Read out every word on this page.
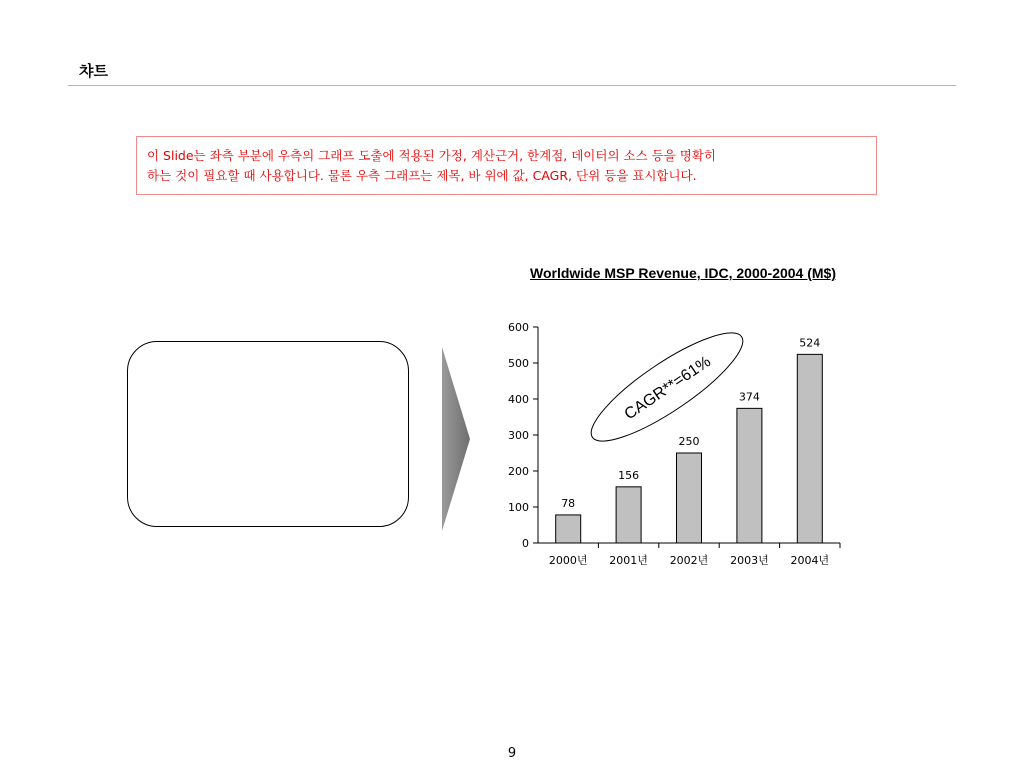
챠트
이 Slide는 좌측 부분에 우측의 그래프 도출에 적용된 가정, 계산근거, 한계점, 데이터의 소스 등을 명확히
하는 것이 필요할 때 사용합니다. 물론 우측 그래프는 제목, 바 위에 값, CAGR, 단위 등을 표시합니다.
Worldwide MSP Revenue, IDC, 2000-2004 (M$)
0
100
200
300
400
500
600
2000년 2001년 2002년 2003년 2004년
78
156
250
374
524
CAGR**=61%
9
